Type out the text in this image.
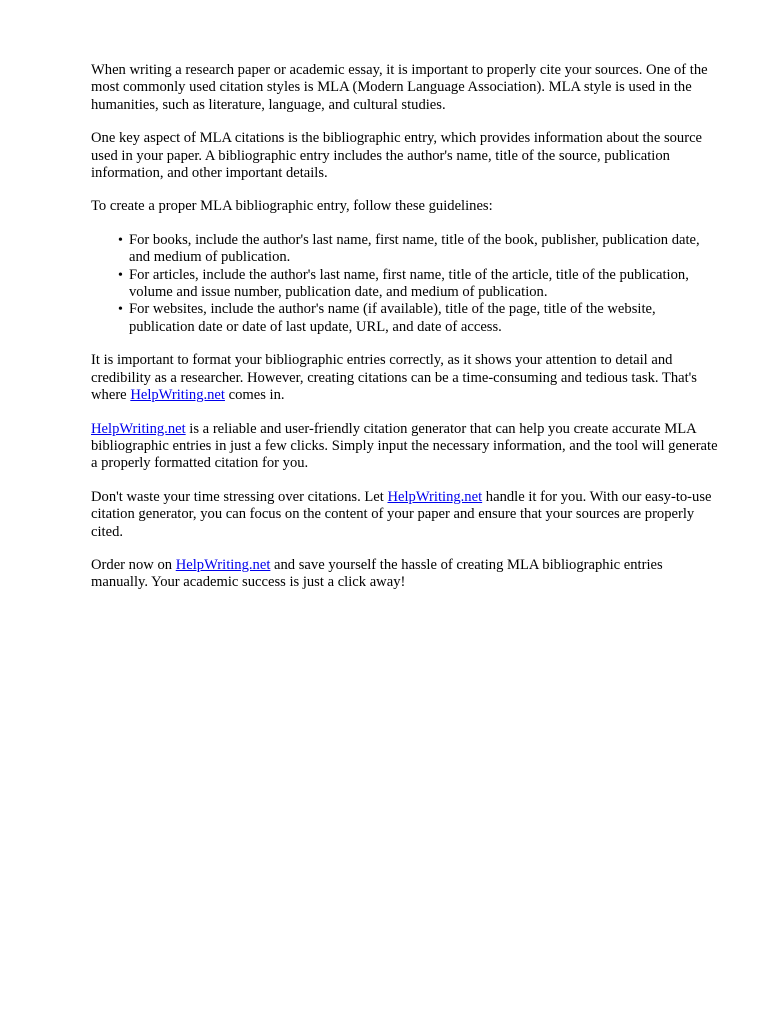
When writing a research paper or academic essay, it is important to properly cite your sources. One of the most commonly used citation styles is MLA (Modern Language Association). MLA style is used in the humanities, such as literature, language, and cultural studies.

One key aspect of MLA citations is the bibliographic entry, which provides information about the source used in your paper. A bibliographic entry includes the author's name, title of the source, publication information, and other important details.

To create a proper MLA bibliographic entry, follow these guidelines:

• For books, include the author's last name, first name, title of the book, publisher, publication date, and medium of publication.
• For articles, include the author's last name, first name, title of the article, title of the publication, volume and issue number, publication date, and medium of publication.
• For websites, include the author's name (if available), title of the page, title of the website, publication date or date of last update, URL, and date of access.

It is important to format your bibliographic entries correctly, as it shows your attention to detail and credibility as a researcher. However, creating citations can be a time-consuming and tedious task. That's where HelpWriting.net comes in.

HelpWriting.net is a reliable and user-friendly citation generator that can help you create accurate MLA bibliographic entries in just a few clicks. Simply input the necessary information, and the tool will generate a properly formatted citation for you.

Don't waste your time stressing over citations. Let HelpWriting.net handle it for you. With our easy-to-use citation generator, you can focus on the content of your paper and ensure that your sources are properly cited.

Order now on HelpWriting.net and save yourself the hassle of creating MLA bibliographic entries manually. Your academic success is just a click away!
